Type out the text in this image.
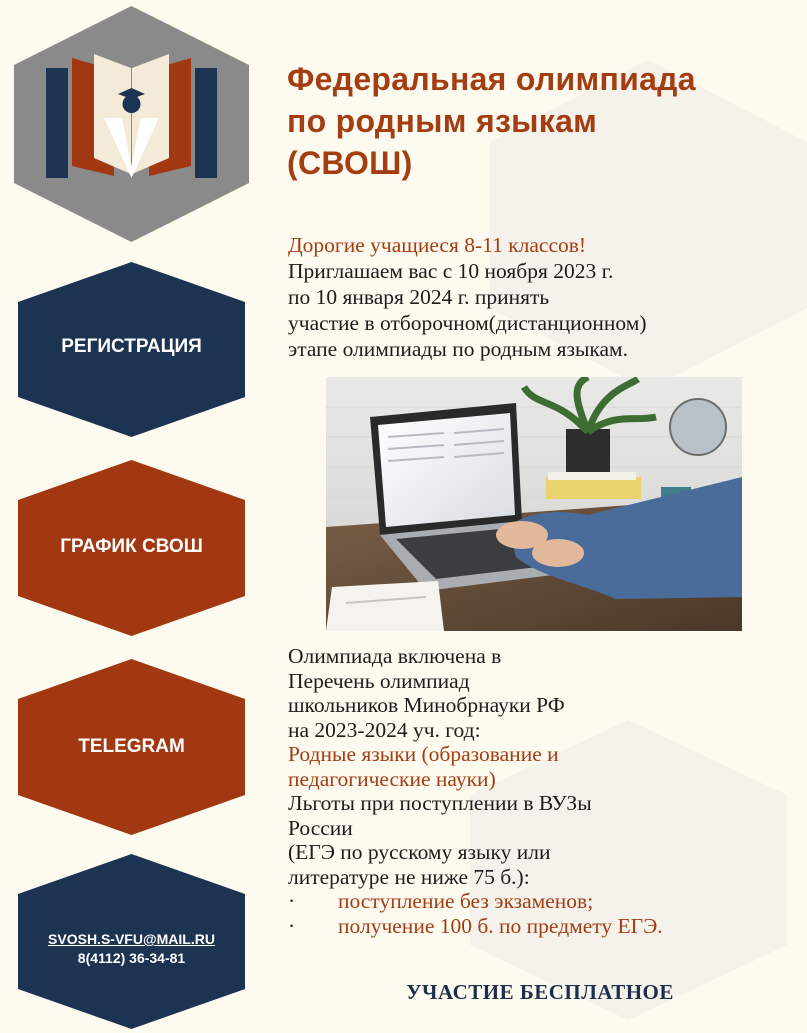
РЕГИСТРАЦИЯ
ГРАФИК СВОШ
TELEGRAM
SVOSH.S-VFU@MAIL.RU
8(4112) 36-34-81
Федеральная олимпиада
по родным языкам
(СВОШ)
Дорогие учащиеся 8-11 классов!
Приглашаем вас с 10 ноября 2023 г.
по 10 января 2024 г. принять
участие в отборочном(дистанционном)
этапе олимпиады по родным языкам.
Олимпиада включена в
Перечень олимпиад
школьников Минобрнауки РФ
на 2023-2024 уч. год:
Родные языки (образование и
педагогические науки)
Льготы при поступлении в ВУЗы
России
(ЕГЭ по русскому языку или
литературе не ниже 75 б.):
· поступление без экзаменов;
· получение 100 б. по предмету ЕГЭ.
УЧАСТИЕ БЕСПЛАТНОЕ
